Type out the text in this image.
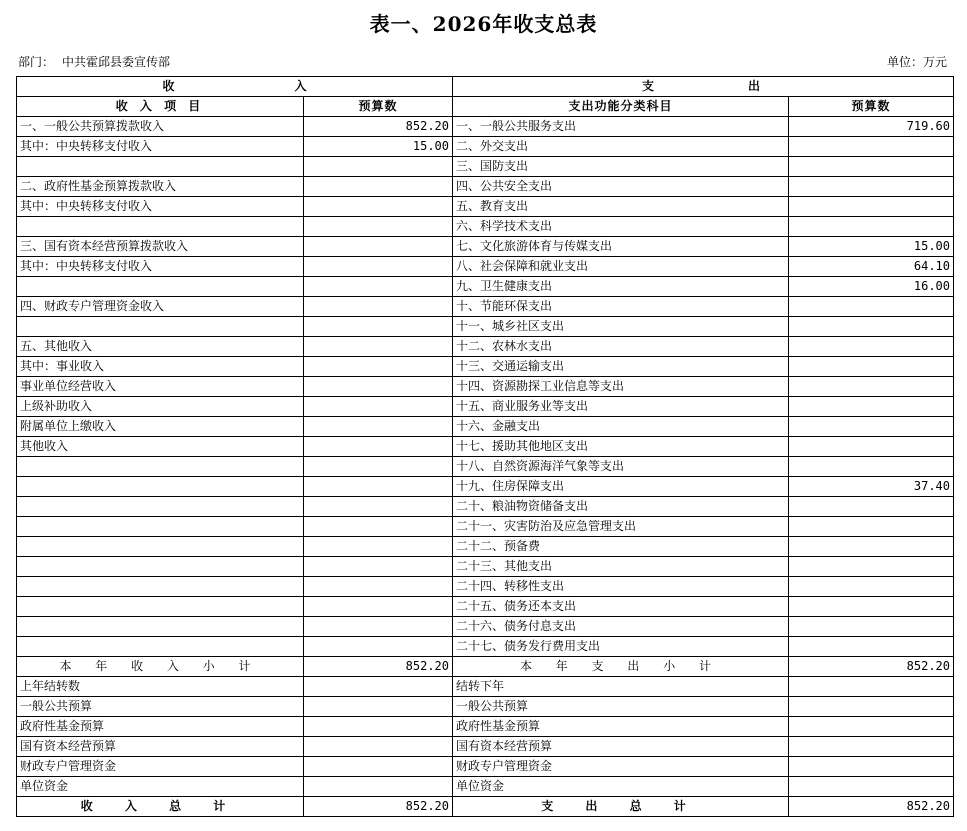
表一、2026年收支总表
部门： 中共霍邱县委宣传部	单位：万元
收 入		支 出	
收 入 项 目	预算数	支出功能分类科目	预算数
一、一般公共预算拨款收入	852.20	一、一般公共服务支出	719.60
其中：中央转移支付收入	15.00	二、外交支出	
		三、国防支出	
二、政府性基金预算拨款收入		四、公共安全支出	
其中：中央转移支付收入		五、教育支出	
		六、科学技术支出	
三、国有资本经营预算拨款收入		七、文化旅游体育与传媒支出	15.00
其中：中央转移支付收入		八、社会保障和就业支出	64.10
		九、卫生健康支出	16.00
四、财政专户管理资金收入		十、节能环保支出	
		十一、城乡社区支出	
五、其他收入		十二、农林水支出	
其中：事业收入		十三、交通运输支出	
事业单位经营收入		十四、资源勘探工业信息等支出	
上级补助收入		十五、商业服务业等支出	
附属单位上缴收入		十六、金融支出	
其他收入		十七、援助其他地区支出	
		十八、自然资源海洋气象等支出	
		十九、住房保障支出	37.40
		二十、粮油物资储备支出	
		二十一、灾害防治及应急管理支出	
		二十二、预备费	
		二十三、其他支出	
		二十四、转移性支出	
		二十五、债务还本支出	
		二十六、债务付息支出	
		二十七、债务发行费用支出	
本 年 收 入 小 计	852.20	本 年 支 出 小 计	852.20
上年结转数		结转下年	
一般公共预算		一般公共预算	
政府性基金预算		政府性基金预算	
国有资本经营预算		国有资本经营预算	
财政专户管理资金		财政专户管理资金	
单位资金		单位资金	
收 入 总 计	852.20	支 出 总 计	852.20
